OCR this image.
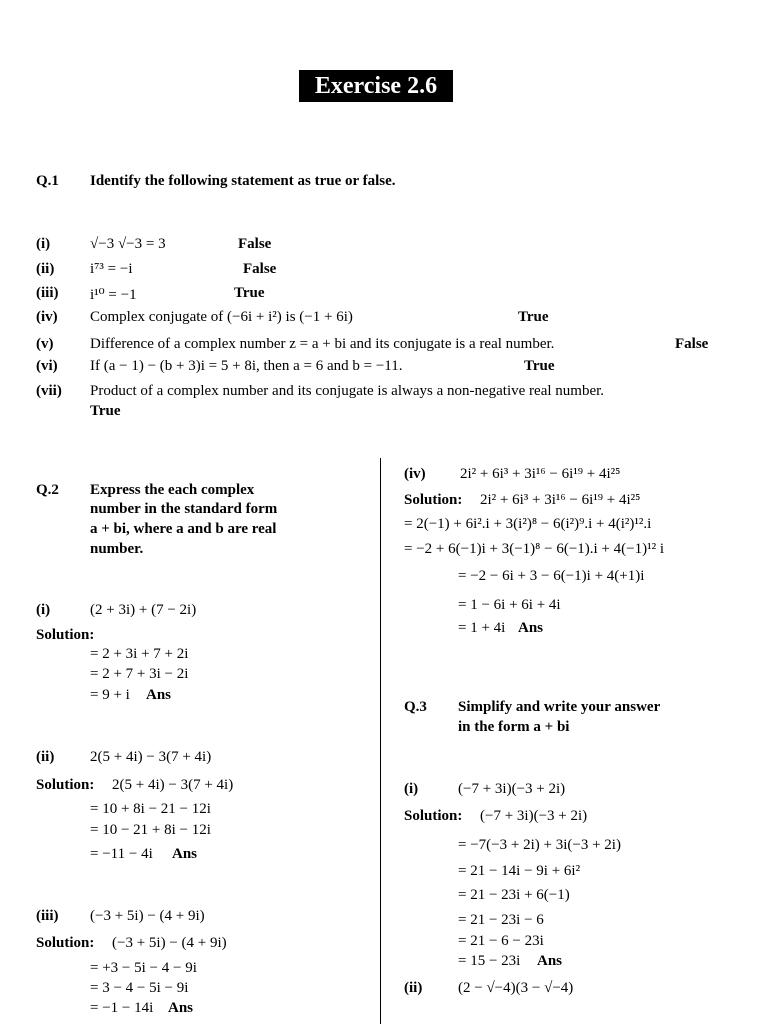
Exercise 2.6
Q.1 Identify the following statement as true or false.
(i)	√−3 √−3 = 3	False
(ii) i⁷³ = −i	False
(iii) i¹⁰ = −1	True
(iv) Complex conjugate of (−6i + i²) is (−1 + 6i)	True
(v) Difference of a complex number z = a + bi and its conjugate is a real number.	False
(vi) If (a − 1) − (b + 3)i = 5 + 8i, then a = 6 and b = −11.	True
(vii) Product of a complex number and its conjugate is always a non-negative real number.
True
Q.2 Express the each complex
number in the standard form
a + bi, where a and b are real
number.
(i)	(2 + 3i) + (7 − 2i)
Solution:
= 2 + 3i + 7 + 2i
= 2 + 7 + 3i − 2i
= 9 + i Ans
(ii) 2(5 + 4i) − 3(7 + 4i)
Solution: 2(5 + 4i) − 3(7 + 4i)
= 10 + 8i − 21 − 12i
= 10 − 21 + 8i − 12i
= −11 − 4i Ans
(iii) (−3 + 5i) − (4 + 9i)
Solution: (−3 + 5i) − (4 + 9i)
= +3 − 5i − 4 − 9i
= 3 − 4 − 5i − 9i
= −1 − 14i Ans
(iv) 2i² + 6i³ + 3i¹⁶ − 6i¹⁹ + 4i²⁵
Solution: 2i² + 6i³ + 3i¹⁶ − 6i¹⁹ + 4i²⁵
= 2(−1) + 6i².i + 3(i²)⁸ − 6(i²)⁹.i + 4(i²)¹².i
= −2 + 6(−1)i + 3(−1)⁸ − 6(−1).i + 4(−1)¹² i
= −2 − 6i + 3 − 6(−1)i + 4(+1)i
= 1 − 6i + 6i + 4i
= 1 + 4i Ans
Q.3 Simplify and write your answer
in the form a + bi
(i)	(−7 + 3i)(−3 + 2i)
Solution: (−7 + 3i)(−3 + 2i)
= −7(−3 + 2i) + 3i(−3 + 2i)
= 21 − 14i − 9i + 6i²
= 21 − 23i + 6(−1)
= 21 − 23i − 6
= 21 − 6 − 23i
= 15 − 23i Ans
(ii) (2 − √−4)(3 − √−4)
